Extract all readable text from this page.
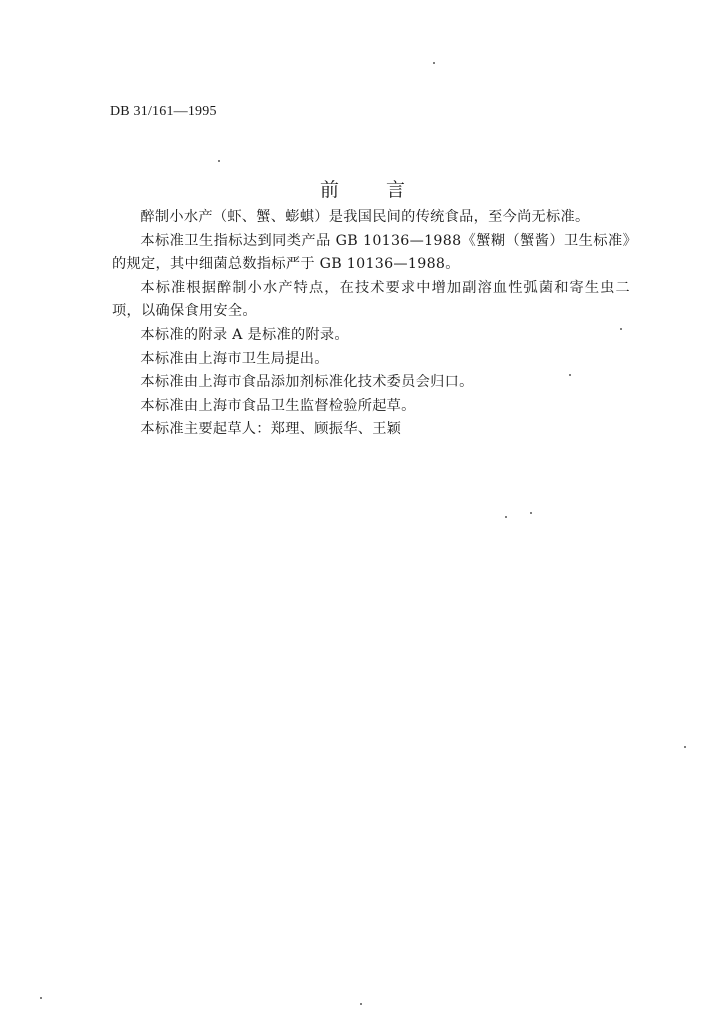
DB 31/161—1995
前　言

醉制小水产（虾、蟹、蟛蜞）是我国民间的传统食品，至今尚无标准。

本标准卫生指标达到同类产品 GB 10136—1988《蟹糊（蟹酱）卫生标准》的规定，其中细菌总数指标严于 GB 10136—1988。

本标准根据醉制小水产特点，在技术要求中增加副溶血性弧菌和寄生虫二项，以确保食用安全。

本标准的附录 A 是标准的附录。

本标准由上海市卫生局提出。

本标准由上海市食品添加剂标准化技术委员会归口。

本标准由上海市食品卫生监督检验所起草。

本标准主要起草人：郑理、顾振华、王颖
